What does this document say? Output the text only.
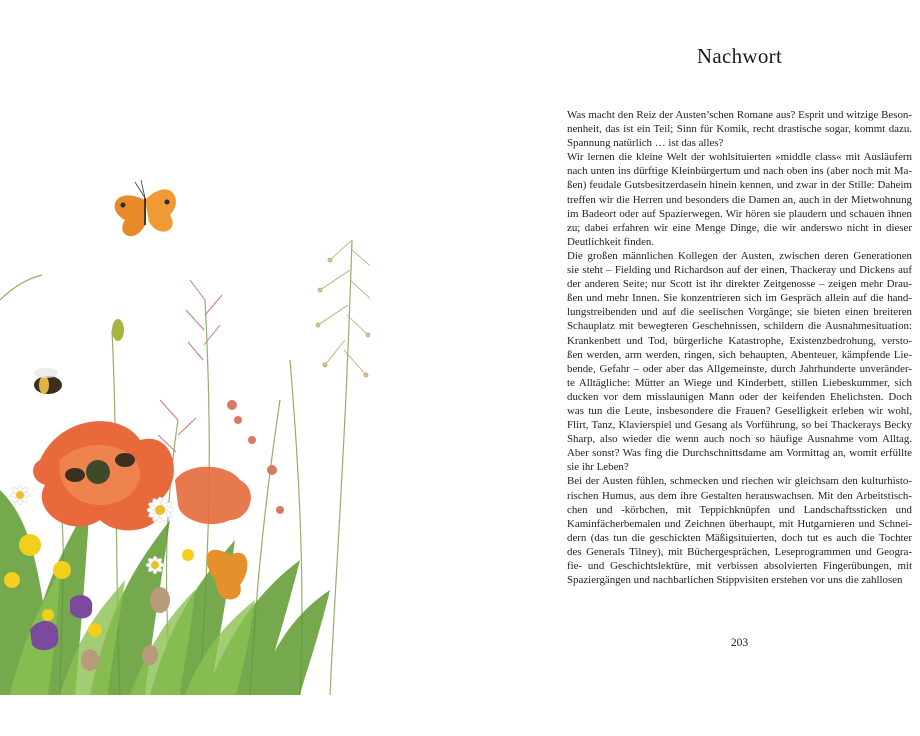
Nachwort

Was macht den Reiz der Austen’schen Romane aus? Esprit und witzige Beson-
nenheit, das ist ein Teil; Sinn für Komik, recht drastische sogar, kommt dazu.
Spannung natürlich … ist das alles?

Wir lernen die kleine Welt der wohlsituierten »middle class« mit Ausläufern
nach unten ins dürftige Kleinbürgertum und nach oben ins (aber noch mit Ma-
ßen) feudale Gutsbesitzerdasein hinein kennen, und zwar in der Stille: Daheim
treffen wir die Herren und besonders die Damen an, auch in der Mietwohnung
im Badeort oder auf Spazierwegen. Wir hören sie plaudern und schauen ihnen
zu; dabei erfahren wir eine Menge Dinge, die wir anderswo nicht in dieser
Deutlichkeit finden.

Die großen männlichen Kollegen der Austen, zwischen deren Generationen
sie steht – Fielding und Richardson auf der einen, Thackeray und Dickens auf
der anderen Seite; nur Scott ist ihr direkter Zeitgenosse – zeigen mehr Drau-
ßen und mehr Innen. Sie konzentrieren sich im Gespräch allein auf die hand-
lungstreibenden und auf die seelischen Vorgänge; sie bieten einen breiteren
Schauplatz mit bewegteren Geschehnissen, schildern die Ausnahmesituation:
Krankenbett und Tod, bürgerliche Katastrophe, Existenzbedrohung, versto-
ßen werden, arm werden, ringen, sich behaupten, Abenteuer, kämpfende Lie-
bende, Gefahr – oder aber das Allgemeinste, durch Jahrhunderte unveränder-
te Alltägliche: Mütter an Wiege und Kinderbett, stillen Liebeskummer, sich
ducken vor dem misslaunigen Mann oder der keifenden Ehelichsten. Doch
was tun die Leute, insbesondere die Frauen? Geselligkeit erleben wir wohl,
Flirt, Tanz, Klavierspiel und Gesang als Vorführung, so bei Thackerays Becky
Sharp, also wieder die wenn auch noch so häufige Ausnahme vom Alltag.
Aber sonst? Was fing die Durchschnittsdame am Vormittag an, womit erfüllte
sie ihr Leben?

Bei der Austen fühlen, schmecken und riechen wir gleichsam den kulturhisto-
rischen Humus, aus dem ihre Gestalten herauswachsen. Mit den Arbeitstisch-
chen und -körbchen, mit Teppichknüpfen und Landschaftssticken und
Kaminfächerbemalen und Zeichnen überhaupt, mit Hutgarnieren und Schnei-
dern (das tun die geschickten Mäßigsituierten, doch tut es auch die Tochter
des Generals Tilney), mit Büchergesprächen, Leseprogrammen und Geogra-
fie- und Geschichtslektüre, mit verbissen absolvierten Fingerübungen, mit
Spaziergängen und nachbarlichen Stippvisiten erstehen vor uns die zahllosen

203
